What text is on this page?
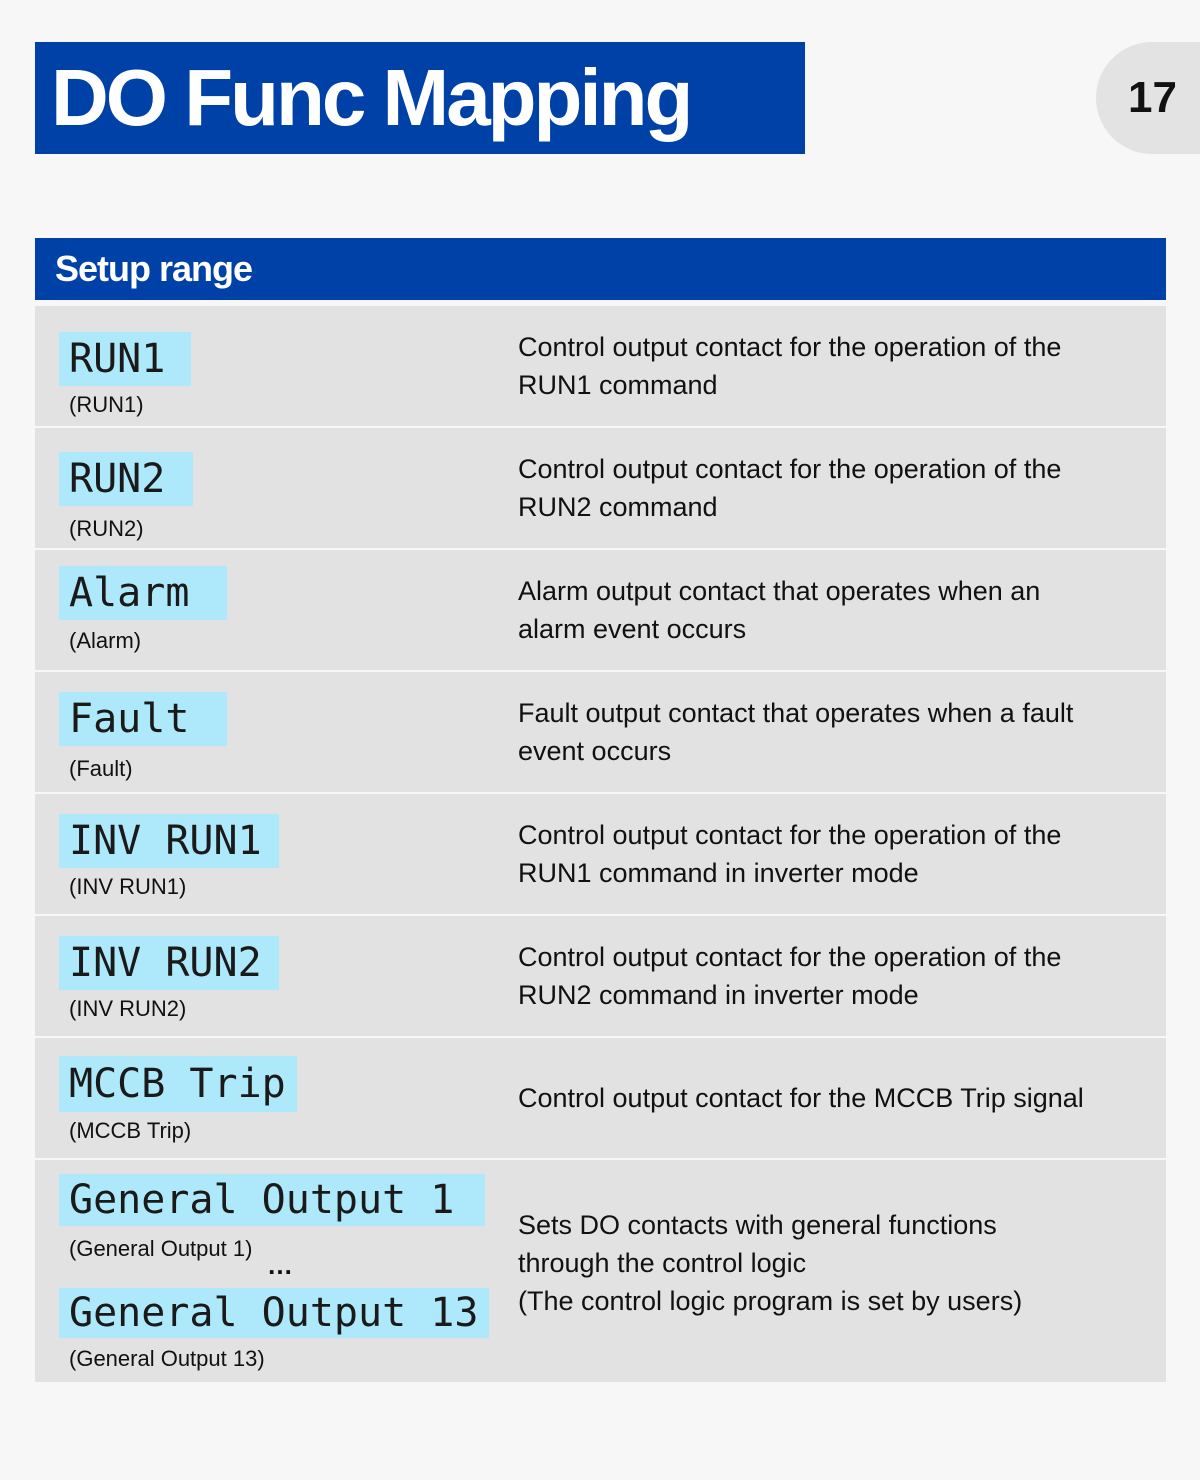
DO Func Mapping	17
Setup range
RUN1
(RUN1)
Control output contact for the operation of the
RUN1 command
RUN2
(RUN2)
Control output contact for the operation of the
RUN2 command
Alarm
(Alarm)
Alarm output contact that operates when an
alarm event occurs
Fault
(Fault)
Fault output contact that operates when a fault
event occurs
INV RUN1
(INV RUN1)
Control output contact for the operation of the
RUN1 command in inverter mode
INV RUN2
(INV RUN2)
Control output contact for the operation of the
RUN2 command in inverter mode
MCCB Trip
(MCCB Trip)
Control output contact for the MCCB Trip signal
General Output 1
(General Output 1)
…
General Output 13
(General Output 13)
Sets DO contacts with general functions
through the control logic
(The control logic program is set by users)
